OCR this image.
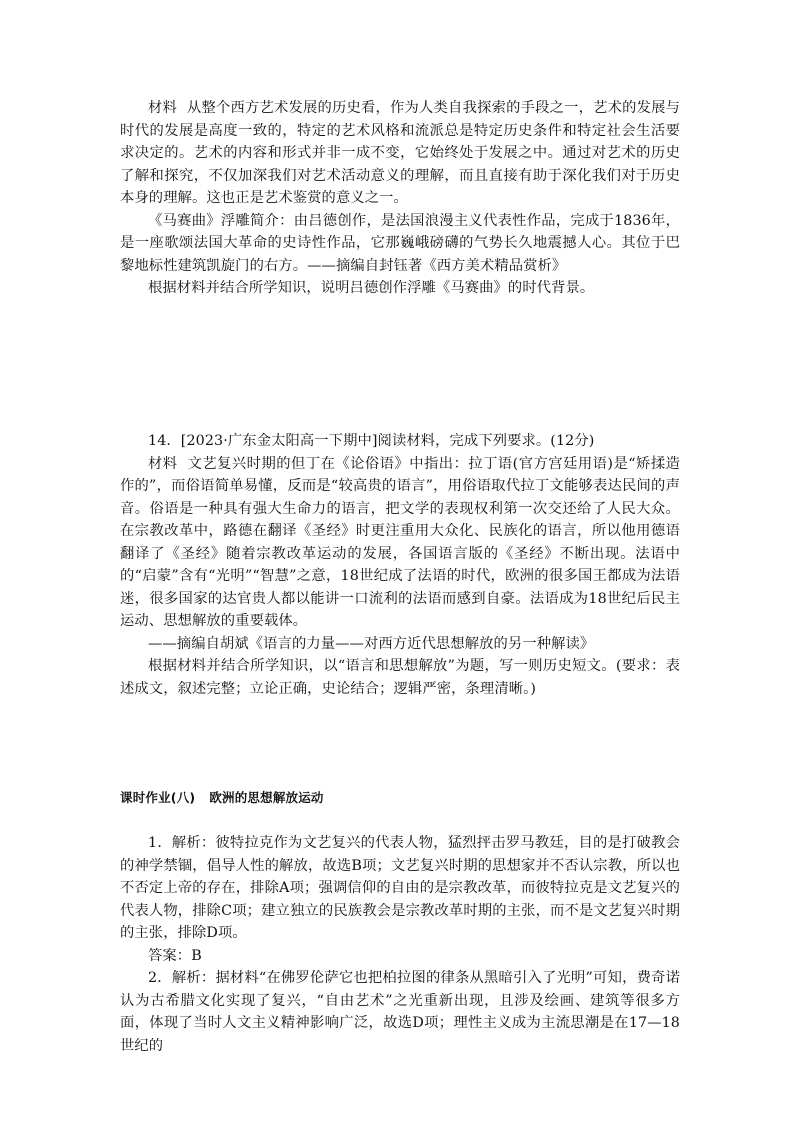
材料 从整个西方艺术发展的历史看，作为人类自我探索的手段之一，艺术的发展与时代的发展是高度一致的，特定的艺术风格和流派总是特定历史条件和特定社会生活要求决定的。艺术的内容和形式并非一成不变，它始终处于发展之中。通过对艺术的历史了解和探究，不仅加深我们对艺术活动意义的理解，而且直接有助于深化我们对于历史本身的理解。这也正是艺术鉴赏的意义之一。

《马赛曲》浮雕简介：由吕德创作，是法国浪漫主义代表性作品，完成于1836年，是一座歌颂法国大革命的史诗性作品，它那巍峨磅礴的气势长久地震撼人心。其位于巴黎地标性建筑凯旋门的右方。——摘编自封钰著《西方美术精品赏析》

根据材料并结合所学知识，说明吕德创作浮雕《马赛曲》的时代背景。

14．[2023·广东金太阳高一下期中]阅读材料，完成下列要求。(12分)

材料 文艺复兴时期的但丁在《论俗语》中指出：拉丁语(官方宫廷用语)是“矫揉造作的”，而俗语简单易懂，反而是“较高贵的语言”，用俗语取代拉丁文能够表达民间的声音。俗语是一种具有强大生命力的语言，把文学的表现权利第一次交还给了人民大众。在宗教改革中，路德在翻译《圣经》时更注重用大众化、民族化的语言，所以他用德语翻译了《圣经》随着宗教改革运动的发展，各国语言版的《圣经》不断出现。法语中的“启蒙”含有“光明”“智慧”之意，18世纪成了法语的时代，欧洲的很多国王都成为法语迷，很多国家的达官贵人都以能讲一口流利的法语而感到自豪。法语成为18世纪后民主运动、思想解放的重要载体。

——摘编自胡斌《语言的力量——对西方近代思想解放的另一种解读》

根据材料并结合所学知识，以“语言和思想解放”为题，写一则历史短文。(要求：表述成文，叙述完整；立论正确，史论结合；逻辑严密，条理清晰。)

课时作业(八) 欧洲的思想解放运动

1．解析：彼特拉克作为文艺复兴的代表人物，猛烈抨击罗马教廷，目的是打破教会的神学禁锢，倡导人性的解放，故选B项；文艺复兴时期的思想家并不否认宗教，所以也不否定上帝的存在，排除A项；强调信仰的自由的是宗教改革，而彼特拉克是文艺复兴的代表人物，排除C项；建立独立的民族教会是宗教改革时期的主张，而不是文艺复兴时期的主张，排除D项。

答案：B

2．解析：据材料“在佛罗伦萨它也把柏拉图的律条从黑暗引入了光明”可知，费奇诺认为古希腊文化实现了复兴，“自由艺术”之光重新出现，且涉及绘画、建筑等很多方面，体现了当时人文主义精神影响广泛，故选D项；理性主义成为主流思潮是在17—18世纪的
